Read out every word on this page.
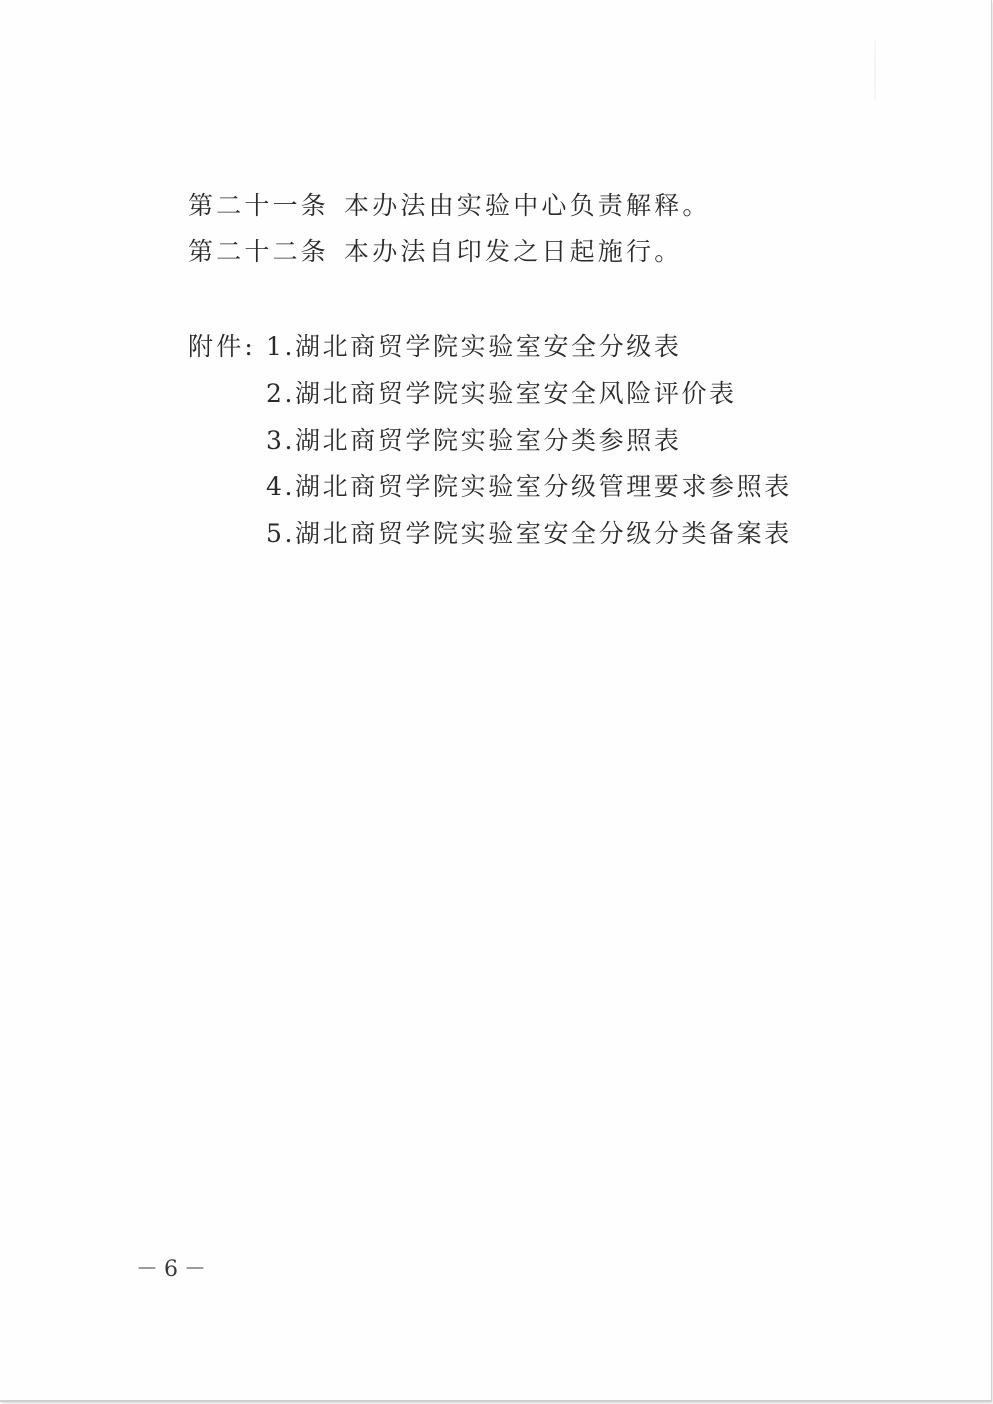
第二十一条 本办法由实验中心负责解释。
第二十二条 本办法自印发之日起施行。
附件: 1.湖北商贸学院实验室安全分级表
2.湖北商贸学院实验室安全风险评价表
3.湖北商贸学院实验室分类参照表
4.湖北商贸学院实验室分级管理要求参照表
5.湖北商贸学院实验室安全分级分类备案表
－6－
